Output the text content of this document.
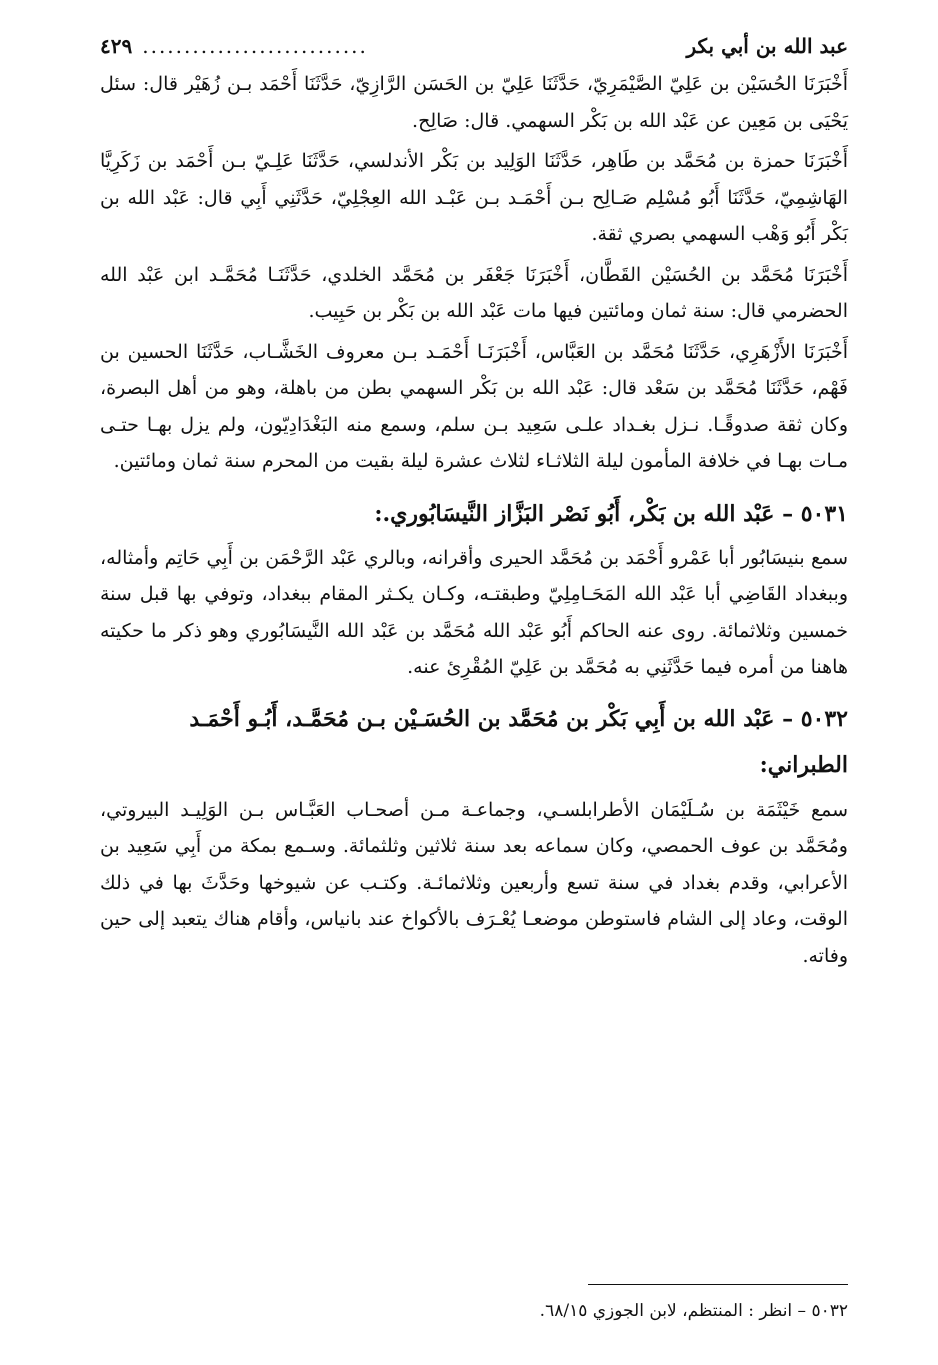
عبد الله بن أبي بكر
...........................
٤٢٩

أَخْبَرَنَا الحُسَيْن بن عَلِيّ الصَّيْمَرِيّ، حَدَّثَنَا عَلِيّ بن الحَسَن الرَّازِيّ، حَدَّثَنَا أَحْمَد بـن زُهَيْر قال: سئل يَحْيَى بن مَعِين عن عَبْد الله بن بَكْر السهمي. قال: صَالِح.

أَخْبَرَنَا حمزة بن مُحَمَّد بن طَاهِر، حَدَّثَنَا الوَلِيد بن بَكْر الأندلسي، حَدَّثَنَا عَلِـيّ بـن أَحْمَد بن زَكَرِيَّا الهَاشِمِيّ، حَدَّثَنَا أَبُو مُسْلِم صَـالِح بـن أَحْمَـد بـن عَبْـد الله العِجْلِيّ، حَدَّثَنِي أَبِي قال: عَبْد الله بن بَكْر أَبُو وَهْب السهمي بصري ثقة.

أَخْبَرَنَا مُحَمَّد بن الحُسَيْن القَطَّان، أَخْبَرَنَا جَعْفَر بن مُحَمَّد الخلدي، حَدَّثَنَـا مُحَمَّـد ابن عَبْد الله الحضرمي قال: سنة ثمان ومائتين فيها مات عَبْد الله بن بَكْر بن حَبِيب.

أَخْبَرَنَا الأَزْهَرِي، حَدَّثَنَا مُحَمَّد بن العَبَّاس، أَخْبَرَنَـا أَحْمَـد بـن معروف الخَشَّـاب، حَدَّثَنَا الحسين بن فَهْم، حَدَّثَنَا مُحَمَّد بن سَعْد قال: عَبْد الله بن بَكْر السهمي بطن من باهلة، وهو من أهل البصرة، وكان ثقة صدوقًـا. نـزل بغـداد علـى سَعِيد بـن سلم، وسمع منه البَغْدَادِيّون، ولم يزل بهـا حتـى مـات بهـا في خلافة المأمون ليلة الثلاثـاء لثلاث عشرة ليلة بقيت من المحرم سنة ثمان ومائتين.

٥٠٣١ – عَبْد الله بن بَكْر، أَبُو نَصْر البَزَّاز النَّيسَابُوري.:

سمع بنيسَابُور أبا عَمْرو أَحْمَد بن مُحَمَّد الحيرى وأقرانه، وبالري عَبْد الرَّحْمَن بن أَبِي حَاتِم وأمثاله، وببغداد القَاضِي أبا عَبْد الله المَحَـامِلِيّ وطبقتـه، وكـان يكـثر المقام ببغداد، وتوفي بها قبل سنة خمسين وثلاثمائة. روى عنه الحاكم أَبُو عَبْد الله مُحَمَّد بن عَبْد الله النَّيسَابُوري وهو ذكر ما حكيته هاهنا من أمره فيما حَدَّثَنِي به مُحَمَّد بن عَلِيّ المُقْرِئ عنه.

٥٠٣٢ – عَبْد الله بن أَبِي بَكْر بن مُحَمَّد بن الحُسَـيْن بـن مُحَمَّـد، أَبُـو أَحْمَـد الطبراني:

سمع خَيْثَمَة بن سُـلَيْمَان الأطرابلسـي، وجماعـة مـن أصحـاب العَبَّـاس بـن الوَلِيـد البيروتي، ومُحَمَّد بن عوف الحمصي، وكان سماعه بعد سنة ثلاثين وثلثمائة. وسـمع بمكة من أَبِي سَعِيد بن الأعرابي، وقدم بغداد في سنة تسع وأربعين وثلاثمائـة. وكتـب عن شيوخها وحَدَّثَ بها في ذلك الوقت، وعاد إلى الشام فاستوطن موضعـا يُعْـرَف بالأكواخ عند بانياس، وأقام هناك يتعبد إلى حين وفاته.

٥٠٣٢ – انظر : المنتظم، لابن الجوزي ٦٨/١٥.
